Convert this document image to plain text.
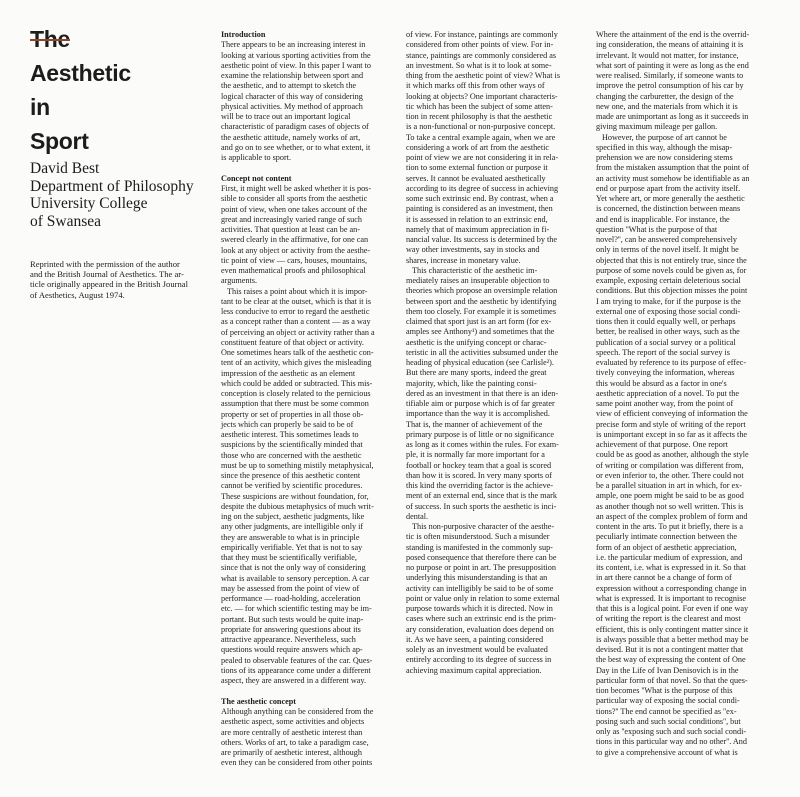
The
Aesthetic
in
Sport
David Best
Department of Philosophy
University College
of Swansea
Reprinted with the permission of the author
and the British Journal of Aesthetics. The ar-
ticle originally appeared in the British Journal
of Aesthetics, August 1974.
Introduction
There appears to be an increasing interest in
looking at various sporting activities from the
aesthetic point of view. In this paper I want to
examine the relationship between sport and
the aesthetic, and to attempt to sketch the
logical character of this way of considering
physical activities. My method of approach
will be to trace out an important logical
characteristic of paradigm cases of objects of
the aesthetic attitude, namely works of art,
and go on to see whether, or to what extent, it
is applicable to sport.
Concept not content
First, it might well be asked whether it is pos-
sible to consider all sports from the aesthetic
point of view, when one takes account of the
great and increasingly varied range of such
activities. That question at least can be an-
swered clearly in the affirmative, for one can
look at any object or activity from the aesthe-
tic point of view — cars, houses, mountains,
even mathematical proofs and philosophical
arguments.
This raises a point about which it is impor-
tant to be clear at the outset, which is that it is
less conducive to error to regard the aesthetic
as a concept rather than a content — as a way
of perceiving an object or activity rather than a
constituent feature of that object or activity.
One sometimes hears talk of the aesthetic con-
tent of an activity, which gives the misleading
impression of the aesthetic as an element
which could be added or subtracted. This mis-
conception is closely related to the pernicious
assumption that there must be some common
property or set of properties in all those ob-
jects which can properly be said to be of
aesthetic interest. This sometimes leads to
suspicions by the scientifically minded that
those who are concerned with the aesthetic
must be up to something mistily metaphysical,
since the presence of this aesthetic content
cannot be verified by scientific procedures.
These suspicions are without foundation, for,
despite the dubious metaphysics of much writ-
ing on the subject, aesthetic judgments, like
any other judgments, are intelligible only if
they are answerable to what is in principle
empirically verifiable. Yet that is not to say
that they must be scientifically verifiable,
since that is not the only way of considering
what is available to sensory perception. A car
may be assessed from the point of view of
performance — road-holding, acceleration
etc. — for which scientific testing may be im-
portant. But such tests would be quite inap-
propriate for answering questions about its
attractive appearance. Nevertheless, such
questions would require answers which ap-
pealed to observable features of the car. Ques-
tions of its appearance come under a different
aspect, they are answered in a different way.
The aesthetic concept
Although anything can be considered from the
aesthetic aspect, some activities and objects
are more centrally of aesthetic interest than
others. Works of art, to take a paradigm case,
are primarily of aesthetic interest, although
even they can be considered from other points
of view. For instance, paintings are commonly
considered from other points of view. For in-
stance, paintings are commonly considered as
an investment. So what is it to look at some-
thing from the aesthetic point of view? What is
it which marks off this from other ways of
looking at objects? One important characteris-
tic which has been the subject of some atten-
tion in recent philosophy is that the aesthetic
is a non-functional or non-purposive concept.
To take a central example again, when we are
considering a work of art from the aesthetic
point of view we are not considering it in rela-
tion to some external function or purpose it
serves. It cannot be evaluated aesthetically
according to its degree of success in achieving
some such extrinsic end. By contrast, when a
painting is considered as an investment, then
it is assessed in relation to an extrinsic end,
namely that of maximum appreciation in fi-
nancial value. Its success is determined by the
way other investments, say in stocks and
shares, increase in monetary value.
This characteristic of the aesthetic im-
mediately raises an insuperable objection to
theories which propose an oversimple relation
between sport and the aesthetic by identifying
them too closely. For example it is sometimes
claimed that sport just is an art form (for ex-
amples see Anthony¹) and sometimes that the
aesthetic is the unifying concept or charac-
teristic in all the activities subsumed under the
heading of physical education (see Carlisle²).
But there are many sports, indeed the great
majority, which, like the painting consi-
dered as an investment in that there is an iden-
tifiable aim or purpose which is of far greater
importance than the way it is accomplished.
That is, the manner of achievement of the
primary purpose is of little or no significance
as long as it comes within the rules. For exam-
ple, it is normally far more important for a
football or hockey team that a goal is scored
than how it is scored. In very many sports of
this kind the overriding factor is the achieve-
ment of an external end, since that is the mark
of success. In such sports the aesthetic is inci-
dental.
This non-purposive character of the aesthe-
tic is often misunderstood. Such a misunder
standing is manifested in the commonly sup-
posed consequence that therefore there can be
no purpose or point in art. The presupposition
underlying this misunderstanding is that an
activity can intelligibly be said to be of some
point or value only in relation to some external
purpose towards which it is directed. Now in
cases where such an extrinsic end is the prim-
ary consideration, evaluation does depend on
it. As we have seen, a painting considered
solely as an investment would be evaluated
entirely according to its degree of success in
achieving maximum capital appreciation.
Where the attainment of the end is the overrid-
ing consideration, the means of attaining it is
irrelevant. It would not matter, for instance,
what sort of painting it were as long as the end
were realised. Similarly, if someone wants to
improve the petrol consumption of his car by
changing the carburetter, the design of the
new one, and the materials from which it is
made are unimportant as long as it succeeds in
giving maximum mileage per gallon.
However, the purpose of art cannot be
specified in this way, although the misap-
prehension we are now considering stems
from the mistaken assumption that the point of
an activity must somehow be identifiable as an
end or purpose apart from the activity itself.
Yet where art, or more generally the aesthetic
is concerned, the distinction between means
and end is inapplicable. For instance, the
question ''What is the purpose of that
novel?'', can be answered comprehensively
only in terms of the novel itself. It might be
objected that this is not entirely true, since the
purpose of some novels could be given as, for
example, exposing certain deleterious social
conditions. But this objection misses the point
I am trying to make, for if the purpose is the
external one of exposing those social condi-
tions then it could equally well, or perhaps
better, be realised in other ways, such as the
publication of a social survey or a political
speech. The report of the social survey is
evaluated by reference to its purpose of effec-
tively conveying the information, whereas
this would be absurd as a factor in one's
aesthetic appreciation of a novel. To put the
same point another way, from the point of
view of efficient conveying of information the
precise form and style of writing of the report
is unimportant except in so far as it affects the
achievement of that purpose. One report
could be as good as another, although the style
of writing or compilation was different from,
or even inferior to, the other. There could not
be a parallel situation in art in which, for ex-
ample, one poem might be said to be as good
as another though not so well written. This is
an aspect of the complex problem of form and
content in the arts. To put it briefly, there is a
peculiarly intimate connection between the
form of an object of aesthetic appreciation,
i.e. the particular medium of expression, and
its content, i.e. what is expressed in it. So that
in art there cannot be a change of form of
expression without a corresponding change in
what is expressed. It is important to recognise
that this is a logical point. For even if one way
of writing the report is the clearest and most
efficient, this is only contingent matter since it
is always possible that a better method may be
devised. But it is not a contingent matter that
the best way of expressing the content of One
Day in the Life of Ivan Denisovich is in the
particular form of that novel. So that the ques-
tion becomes ''What is the purpose of this
particular way of exposing the social condi-
tions?'' The end cannot be specified as ''ex-
posing such and such social conditions'', but
only as ''exposing such and such social condi-
tions in this particular way and no other''. And
to give a comprehensive account of what is
